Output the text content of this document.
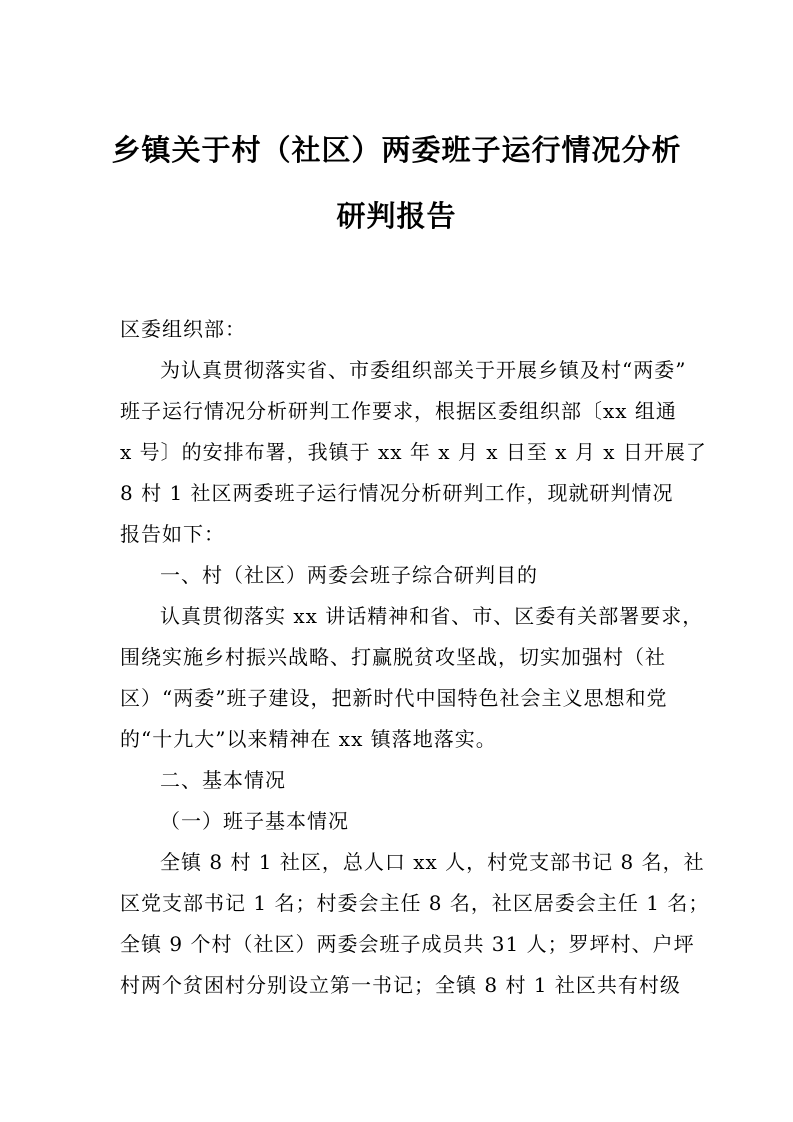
乡镇关于村（社区）两委班子运行情况分析
研判报告
区委组织部：
为认真贯彻落实省、市委组织部关于开展乡镇及村“两委”
班子运行情况分析研判工作要求，根据区委组织部〔xx 组通
x 号〕的安排布署，我镇于 xx 年 x 月 x 日至 x 月 x 日开展了
8 村 1 社区两委班子运行情况分析研判工作，现就研判情况
报告如下：
一、村（社区）两委会班子综合研判目的
认真贯彻落实 xx 讲话精神和省、市、区委有关部署要求，
围绕实施乡村振兴战略、打赢脱贫攻坚战，切实加强村（社
区）“两委”班子建设，把新时代中国特色社会主义思想和党
的“十九大”以来精神在 xx 镇落地落实。
二、基本情况
（一）班子基本情况
全镇 8 村 1 社区，总人口 xx 人，村党支部书记 8 名，社
区党支部书记 1 名；村委会主任 8 名，社区居委会主任 1 名；
全镇 9 个村（社区）两委会班子成员共 31 人；罗坪村、户坪
村两个贫困村分别设立第一书记；全镇 8 村 1 社区共有村级
